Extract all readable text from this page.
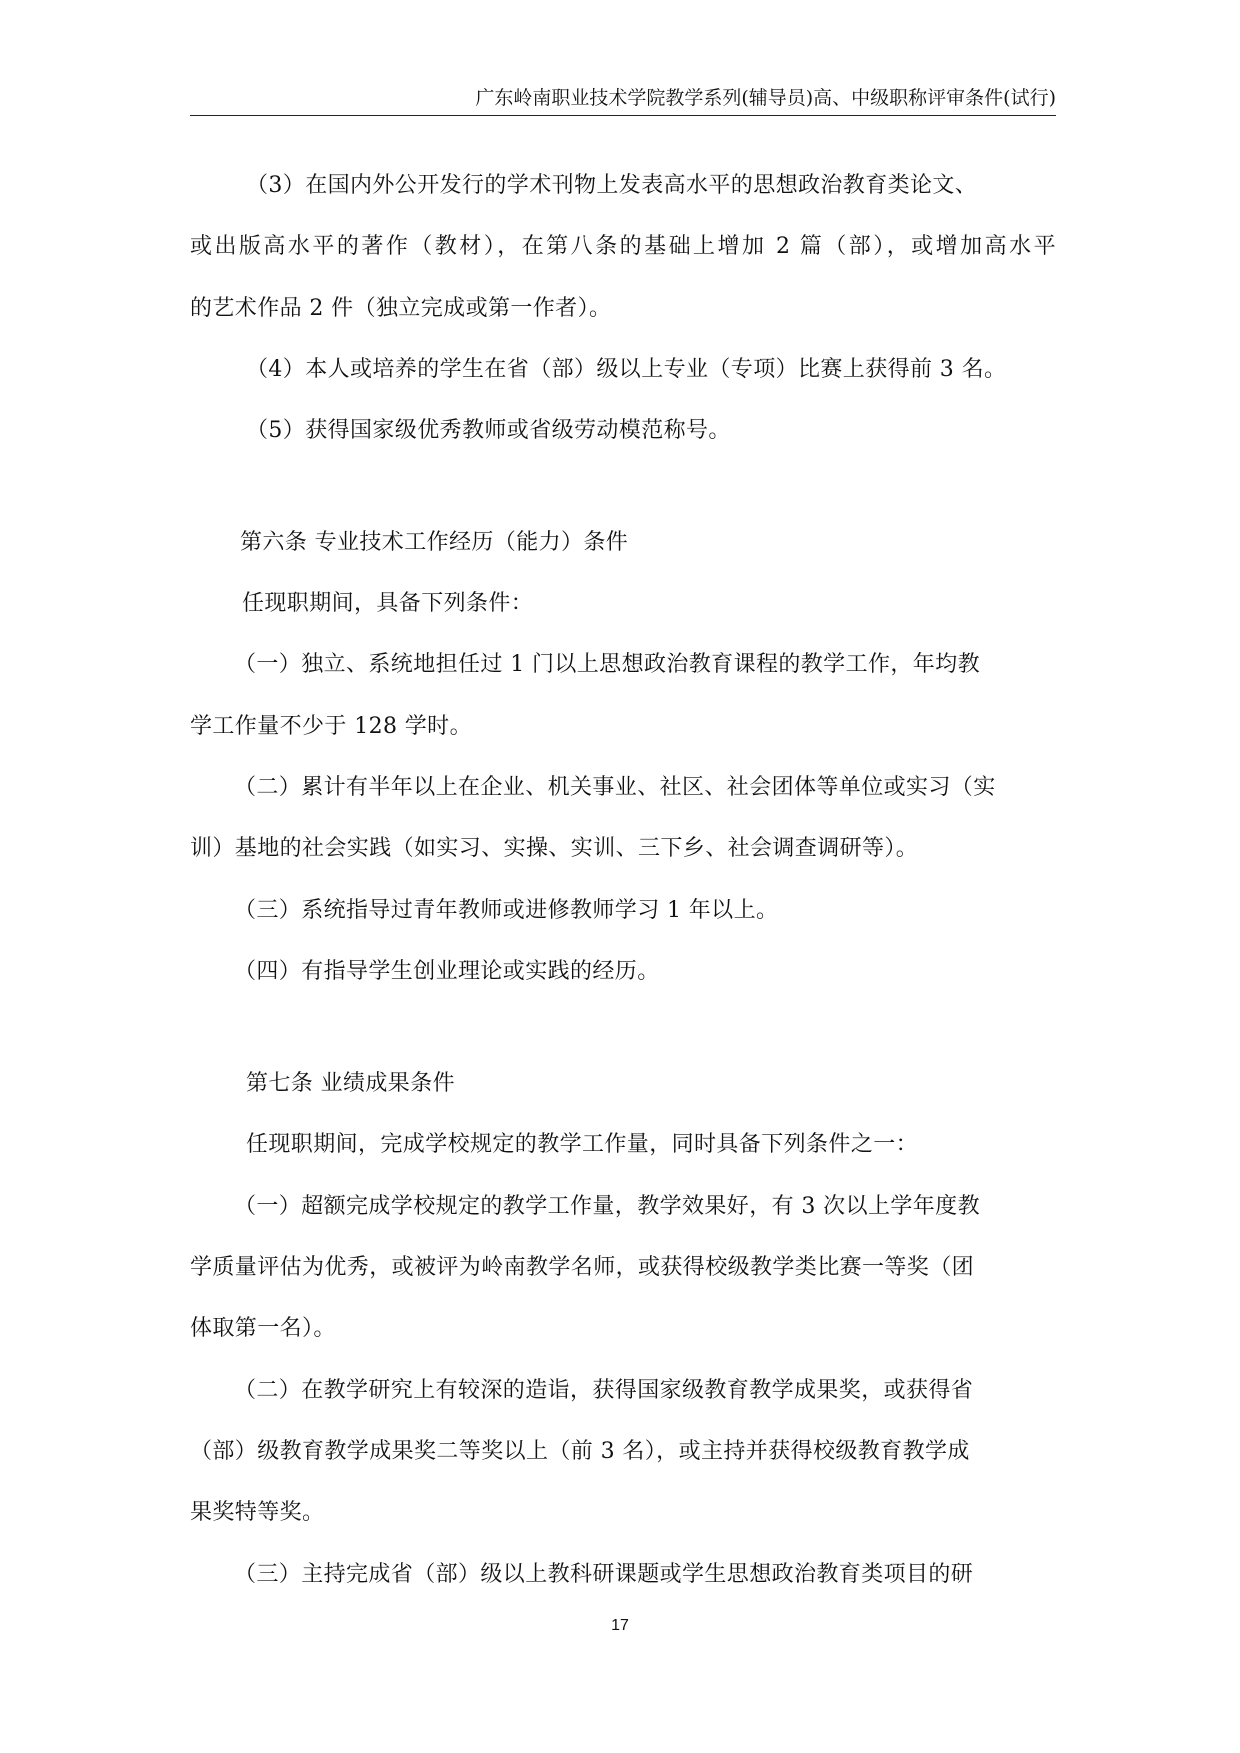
广东岭南职业技术学院教学系列(辅导员)高、中级职称评审条件(试行)
（3）在国内外公开发行的学术刊物上发表高水平的思想政治教育类论文、
或出版高水平的著作（教材），在第八条的基础上增加 2 篇（部），或增加高水平
的艺术作品 2 件（独立完成或第一作者）。
（4）本人或培养的学生在省（部）级以上专业（专项）比赛上获得前 3 名。
（5）获得国家级优秀教师或省级劳动模范称号。
第六条 专业技术工作经历（能力）条件
任现职期间，具备下列条件：
（一）独立、系统地担任过 1 门以上思想政治教育课程的教学工作，年均教
学工作量不少于 128 学时。
（二）累计有半年以上在企业、机关事业、社区、社会团体等单位或实习（实
训）基地的社会实践（如实习、实操、实训、三下乡、社会调查调研等）。
（三）系统指导过青年教师或进修教师学习 1 年以上。
（四）有指导学生创业理论或实践的经历。
第七条 业绩成果条件
任现职期间，完成学校规定的教学工作量，同时具备下列条件之一：
（一）超额完成学校规定的教学工作量，教学效果好，有 3 次以上学年度教
学质量评估为优秀，或被评为岭南教学名师，或获得校级教学类比赛一等奖（团
体取第一名）。
（二）在教学研究上有较深的造诣，获得国家级教育教学成果奖，或获得省
（部）级教育教学成果奖二等奖以上（前 3 名），或主持并获得校级教育教学成
果奖特等奖。
（三）主持完成省（部）级以上教科研课题或学生思想政治教育类项目的研
17
